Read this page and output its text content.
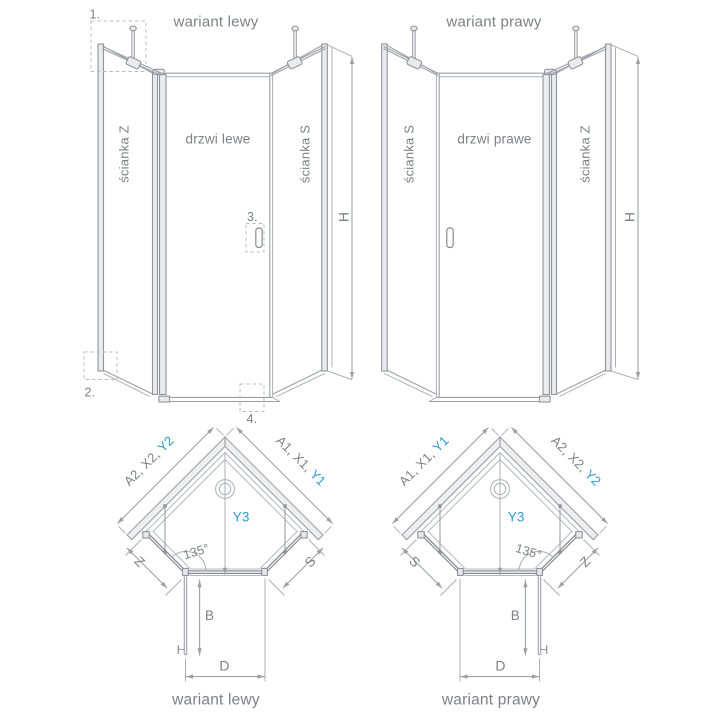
H
wariant lewy
ścianka Z	drzwi lewe	ścianka S
1.
2.
3.
4.
H
wariant prawy
ścianka S	drzwi prawe	ścianka Z
A2, X2, Y2	A1, X1, Y1
Z	S
135°
Y3
B
D
wariant lewy
A1, X1, Y1	A2, X2, Y2
S	Z
135°
Y3
B
D
wariant prawy
